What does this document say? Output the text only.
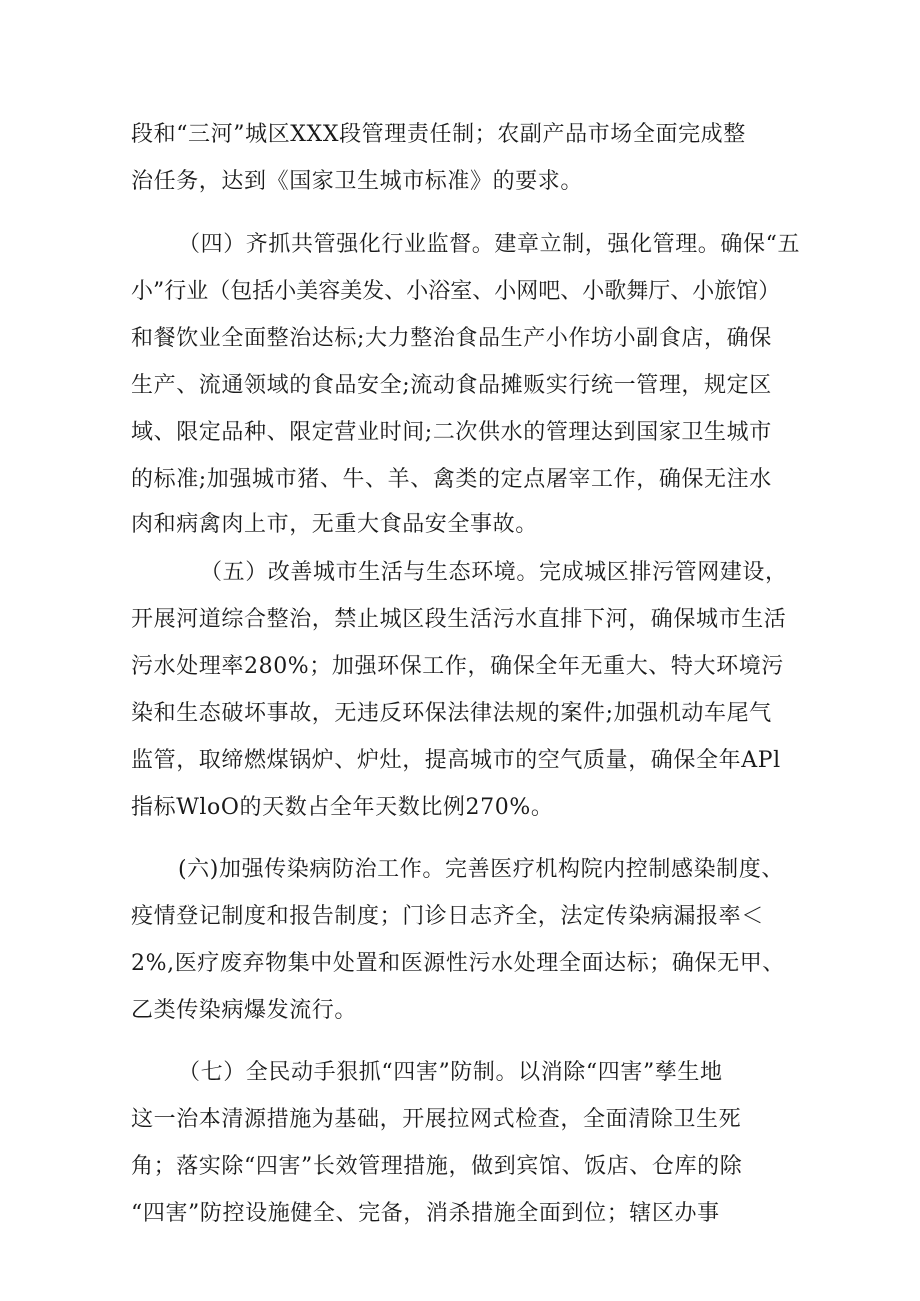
段和“三河”城区XXX段管理责任制；农副产品市场全面完成整
治任务，达到《国家卫生城市标准》的要求。
（四）齐抓共管强化行业监督。建章立制，强化管理。确保“五
小”行业（包括小美容美发、小浴室、小网吧、小歌舞厅、小旅馆）
和餐饮业全面整治达标;大力整治食品生产小作坊小副食店，确保
生产、流通领域的食品安全;流动食品摊贩实行统一管理，规定区
域、限定品种、限定营业时间;二次供水的管理达到国家卫生城市
的标准;加强城市猪、牛、羊、禽类的定点屠宰工作，确保无注水
肉和病禽肉上市，无重大食品安全事故。
（五）改善城市生活与生态环境。完成城区排污管网建设，
开展河道综合整治，禁止城区段生活污水直排下河，确保城市生活
污水处理率280%；加强环保工作，确保全年无重大、特大环境污
染和生态破坏事故，无违反环保法律法规的案件;加强机动车尾气
监管，取缔燃煤锅炉、炉灶，提高城市的空气质量，确保全年APl
指标WloO的天数占全年天数比例270%。
(六)加强传染病防治工作。完善医疗机构院内控制感染制度、
疫情登记制度和报告制度；门诊日志齐全，法定传染病漏报率＜
2%,医疗废弃物集中处置和医源性污水处理全面达标；确保无甲、
乙类传染病爆发流行。
（七）全民动手狠抓“四害”防制。以消除“四害”孳生地
这一治本清源措施为基础，开展拉网式检查，全面清除卫生死
角；落实除“四害”长效管理措施，做到宾馆、饭店、仓库的除
“四害”防控设施健全、完备，消杀措施全面到位；辖区办事
